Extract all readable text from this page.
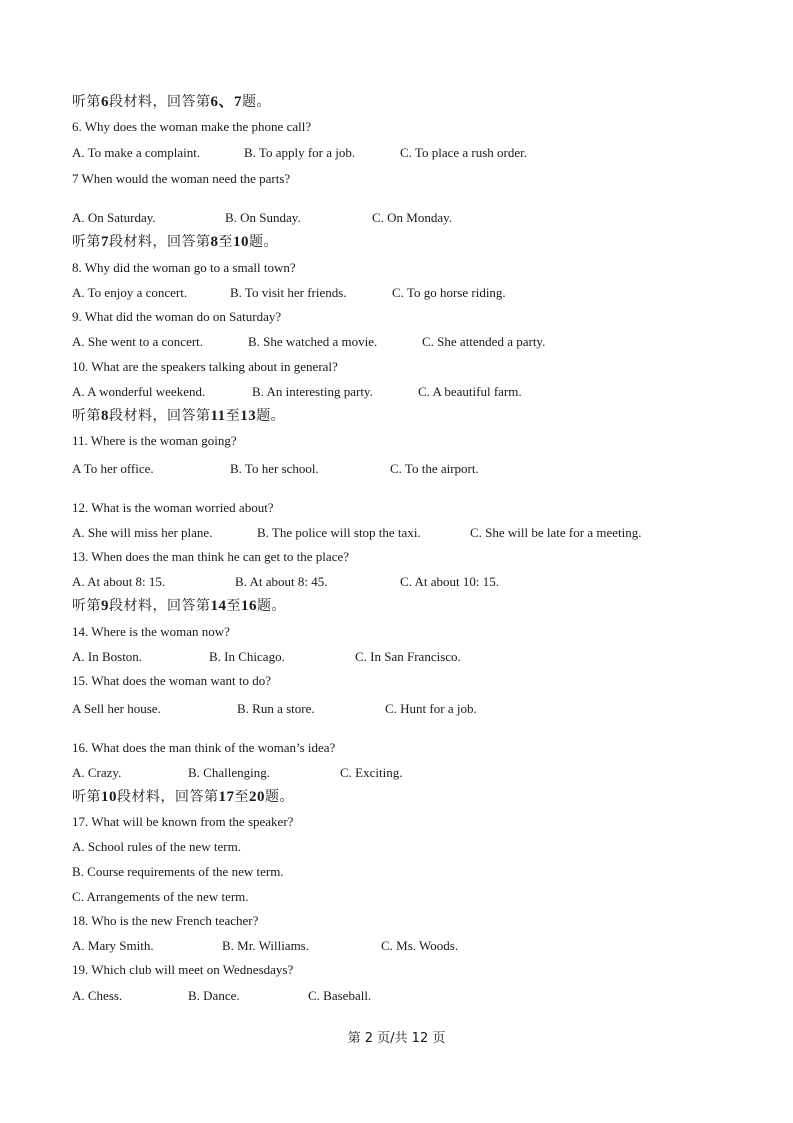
听第6段材料，回答第6、7题。
6. Why does the woman make the phone call?
A. To make a complaint.	B. To apply for a job.	C. To place a rush order.
7 When would the woman need the parts?
A. On Saturday.	B. On Sunday.	C. On Monday.
听第7段材料，回答第8至10题。
8. Why did the woman go to a small town?
A. To enjoy a concert.	B. To visit her friends.	C. To go horse riding.
9. What did the woman do on Saturday?
A. She went to a concert.	B. She watched a movie.	C. She attended a party.
10. What are the speakers talking about in general?
A. A wonderful weekend.	B. An interesting party.	C. A beautiful farm.
听第8段材料，回答第11至13题。
11. Where is the woman going?
A To her office.	B. To her school.	C. To the airport.
12. What is the woman worried about?
A. She will miss her plane.	B. The police will stop the taxi.	C. She will be late for a meeting.
13. When does the man think he can get to the place?
A. At about 8: 15.	B. At about 8: 45.	C. At about 10: 15.
听第9段材料，回答第14至16题。
14. Where is the woman now?
A. In Boston.	B. In Chicago.	C. In San Francisco.
15. What does the woman want to do?
A Sell her house.	B. Run a store.	C. Hunt for a job.
16. What does the man think of the woman’s idea?
A. Crazy.	B. Challenging.	C. Exciting.
听第10段材料，回答第17至20题。
17. What will be known from the speaker?
A. School rules of the new term.
B. Course requirements of the new term.
C. Arrangements of the new term.
18. Who is the new French teacher?
A. Mary Smith.	B. Mr. Williams.	C. Ms. Woods.
19. Which club will meet on Wednesdays?
A. Chess.	B. Dance.	C. Baseball.
第 2 页/共 12 页
